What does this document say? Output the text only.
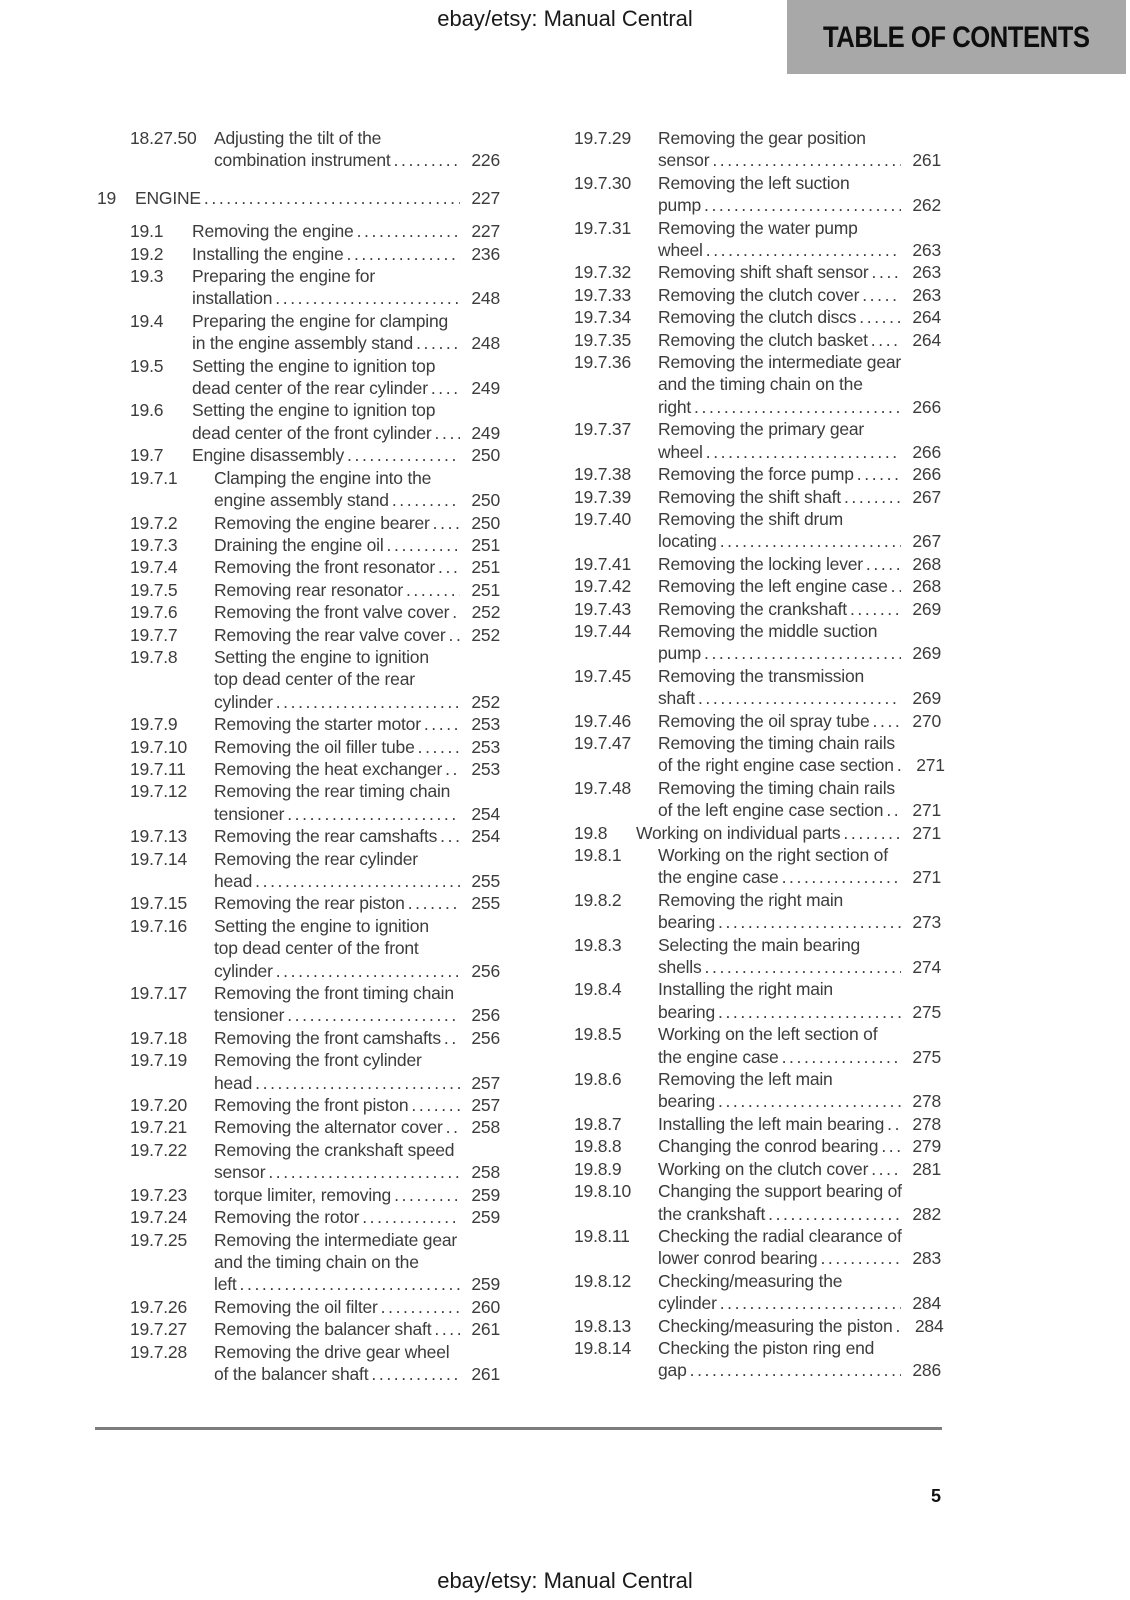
ebay/etsy: Manual Central
TABLE OF CONTENTS
18.27.50 Adjusting the tilt of the
combination instrument .....	226
19	ENGINE .....	227
19.1	Removing the engine .....	227
19.2	Installing the engine .....	236
19.3	Preparing the engine for
installation .....	248
19.4	Preparing the engine for clamping
in the engine assembly stand .....	248
19.5	Setting the engine to ignition top
dead center of the rear cylinder ..... 249
19.6	Setting the engine to ignition top
dead center of the front cylinder ..... 249
19.7	Engine disassembly .....	250
19.7.1	Clamping the engine into the
engine assembly stand .....	250
19.7.2	Removing the engine bearer ..... 250
19.7.3	Draining the engine oil .....	251
19.7.4	Removing the front resonator ..... 251
19.7.5	Removing rear resonator .....	251
19.7.6	Removing the front valve cover ..... 252
19.7.7	Removing the rear valve cover ..... 252
19.7.8	Setting the engine to ignition
top dead center of the rear
cylinder .....	252
19.7.9	Removing the starter motor .....	253
19.7.10	Removing the oil filler tube .....	253
19.7.11	Removing the heat exchanger ..... 253
19.7.12	Removing the rear timing chain
tensioner .....	254
19.7.13	Removing the rear camshafts ..... 254
19.7.14	Removing the rear cylinder
head .....	255
19.7.15	Removing the rear piston .....	255
19.7.16	Setting the engine to ignition
top dead center of the front
cylinder .....	256
19.7.17	Removing the front timing chain
tensioner .....	256
19.7.18	Removing the front camshafts ..... 256
19.7.19	Removing the front cylinder
head .....	257
19.7.20	Removing the front piston .....	257
19.7.21	Removing the alternator cover ..... 258
19.7.22	Removing the crankshaft speed
sensor .....	258
19.7.23	torque limiter, removing .....	259
19.7.24	Removing the rotor .....	259
19.7.25	Removing the intermediate gear
and the timing chain on the
left .....	259
19.7.26	Removing the oil filter .....	260
19.7.27	Removing the balancer shaft ..... 261
19.7.28	Removing the drive gear wheel
of the balancer shaft .....	261
19.7.29	Removing the gear position
sensor .....	261
19.7.30	Removing the left suction
pump .....	262
19.7.31	Removing the water pump
wheel .....	263
19.7.32	Removing shift shaft sensor .....	263
19.7.33	Removing the clutch cover .....	263
19.7.34	Removing the clutch discs .....	264
19.7.35	Removing the clutch basket .....	264
19.7.36	Removing the intermediate gear
and the timing chain on the
right .....	266
19.7.37	Removing the primary gear
wheel .....	266
19.7.38	Removing the force pump .....	266
19.7.39	Removing the shift shaft .....	267
19.7.40	Removing the shift drum
locating .....	267
19.7.41	Removing the locking lever .....	268
19.7.42	Removing the left engine case ..... 268
19.7.43	Removing the crankshaft .....	269
19.7.44	Removing the middle suction
pump .....	269
19.7.45	Removing the transmission
shaft .....	269
19.7.46	Removing the oil spray tube ..... 270
19.7.47	Removing the timing chain rails
of the right engine case section ..... 271
19.7.48	Removing the timing chain rails
of the left engine case section ..... 271
19.8	Working on individual parts .....	271
19.8.1	Working on the right section of
the engine case .....	271
19.8.2	Removing the right main
bearing .....	273
19.8.3	Selecting the main bearing
shells .....	274
19.8.4	Installing the right main
bearing .....	275
19.8.5	Working on the left section of
the engine case .....	275
19.8.6	Removing the left main
bearing .....	278
19.8.7	Installing the left main bearing ..... 278
19.8.8	Changing the conrod bearing ..... 279
19.8.9	Working on the clutch cover .....	281
19.8.10	Changing the support bearing of
the crankshaft .....	282
19.8.11	Checking the radial clearance of
lower conrod bearing .....	283
19.8.12	Checking/measuring the
cylinder .....	284
19.8.13	Checking/measuring the piston ..... 284
19.8.14	Checking the piston ring end
gap .....	286
5
ebay/etsy: Manual Central
